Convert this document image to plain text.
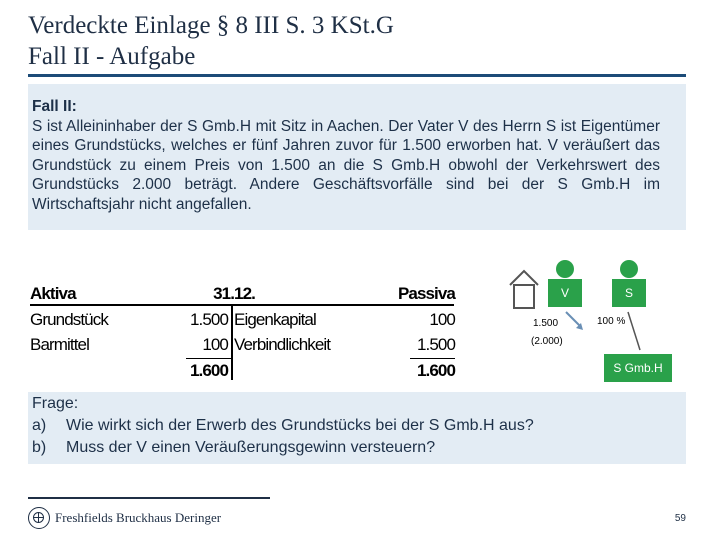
Verdeckte Einlage § 8 III S. 3 KSt.G
Fall II - Aufgabe
Fall II:
S ist Alleininhaber der S Gmb.H mit Sitz in Aachen. Der Vater V des Herrn S ist Eigentümer eines Grundstücks, welches er fünf Jahren zuvor für 1.500 erworben hat. V veräußert das Grundstück zu einem Preis von 1.500 an die S Gmb.H obwohl der Verkehrswert des Grundstücks 2.000 beträgt. Andere Geschäftsvorfälle sind bei der S Gmb.H im Wirtschaftsjahr nicht angefallen.
Aktiva	31.12.	Passiva
Grundstück	1.500 Eigenkapital	100
Barmittel	100 Verbindlichkeit	1.500
1.600	1.600
V	S
1.500
(2.000)
100 %
S Gmb.H
Frage:
a) Wie wirkt sich der Erwerb des Grundstücks bei der S Gmb.H aus?
b) Muss der V einen Veräußerungsgewinn versteuern?
Freshfields Bruckhaus Deringer	59
